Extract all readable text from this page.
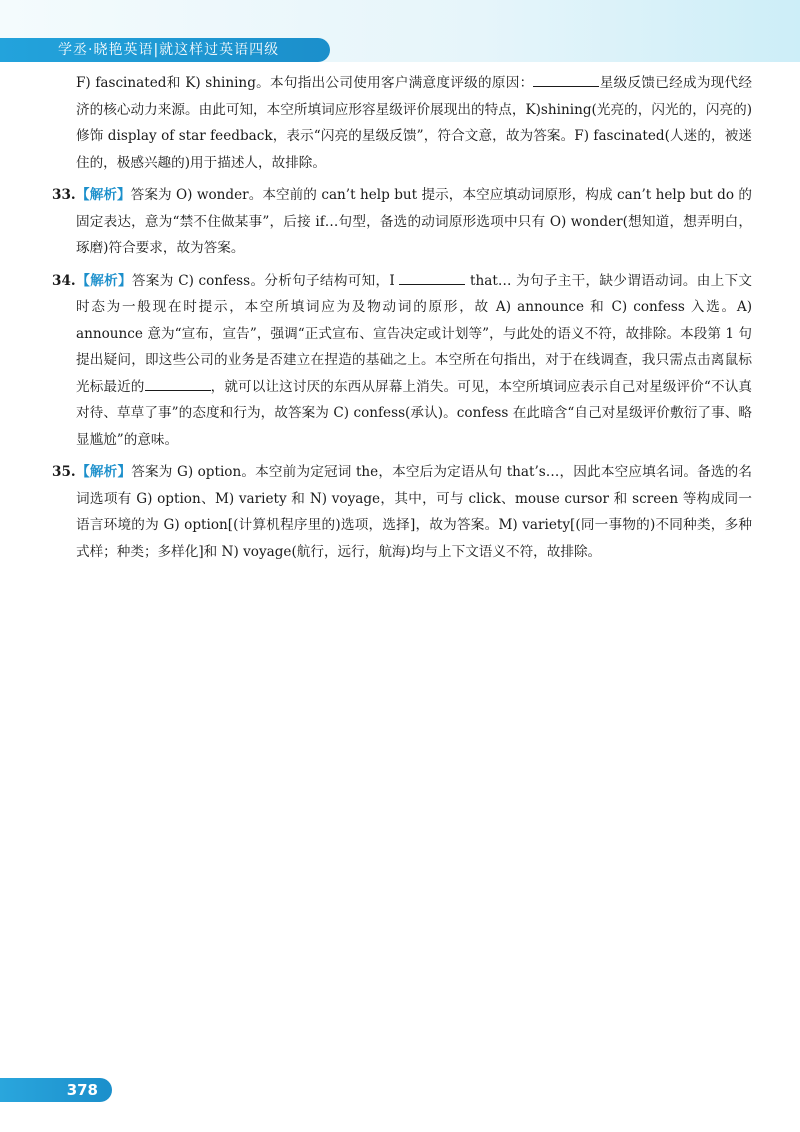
学丞·晓艳英语|就这样过英语四级

F) fascinated和 K) shining。本句指出公司使用客户满意度评级的原因：	星级反馈已经成为现代经济的核心动力来源。由此可知，本空所填词应形容星级评价展现出的特点，K)shining(光亮的，闪光的，闪亮的)修饰 display of star feedback，表示“闪亮的星级反馈”，符合文意，故为答案。F) fascinated(人迷的，被迷住的，极感兴趣的)用于描述人，故排除。

33.【解析】答案为 O) wonder。本空前的 can’t help but 提示，本空应填动词原形，构成 can’t help but do 的固定表达，意为“禁不住做某事”，后接 if…句型，备选的动词原形选项中只有 O) wonder(想知道，想弄明白，琢磨)符合要求，故为答案。

34.【解析】答案为 C) confess。分析句子结构可知，I	that… 为句子主干，缺少谓语动词。由上下文时态为一般现在时提示，本空所填词应为及物动词的原形，故 A) announce 和 C) confess 入选。A) announce 意为“宣布，宣告”，强调“正式宣布、宣告决定或计划等”，与此处的语义不符，故排除。本段第 1 句提出疑问，即这些公司的业务是否建立在捏造的基础之上。本空所在句指出，对于在线调查，我只需点击离鼠标光标最近的	，就可以让这讨厌的东西从屏幕上消失。可见，本空所填词应表示自己对星级评价“不认真对待、草草了事”的态度和行为，故答案为 C) confess(承认)。confess 在此暗含“自己对星级评价敷衍了事、略显尴尬”的意味。

35.【解析】答案为 G) option。本空前为定冠词 the，本空后为定语从句 that’s…，因此本空应填名词。备选的名词选项有 G) option、M) variety 和 N) voyage，其中，可与 click、mouse cursor 和 screen 等构成同一语言环境的为 G) option[(计算机程序里的)选项，选择]，故为答案。M) variety[(同一事物的)不同种类，多种式样；种类；多样化]和 N) voyage(航行，远行，航海)均与上下文语义不符，故排除。

378
